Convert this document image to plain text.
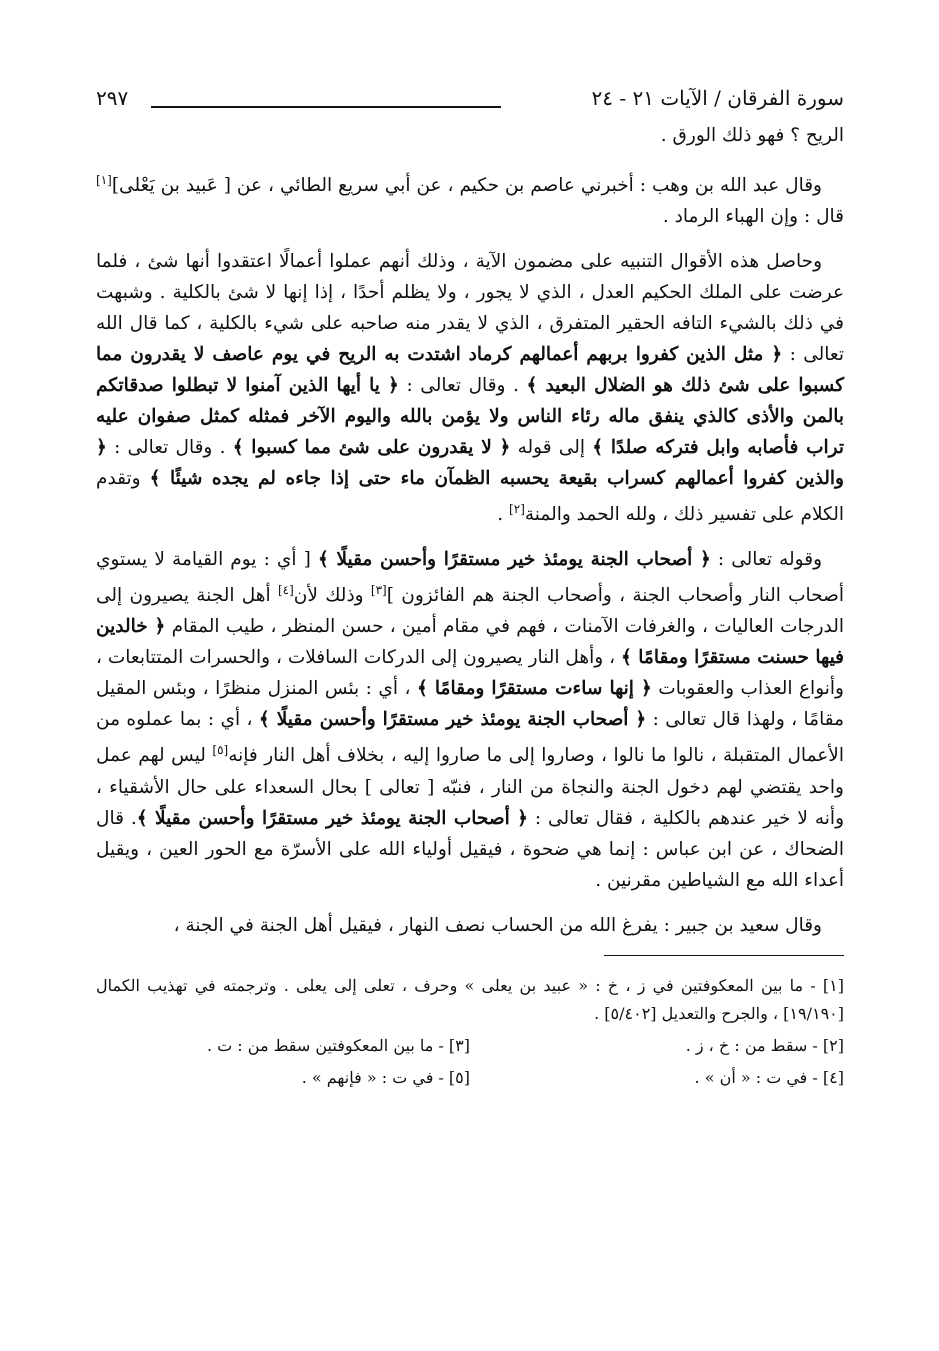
سورة الفرقان / الآيات ٢١ - ٢٤
٢٩٧

الريح ؟ فهو ذلك الورق .

وقال عبد الله بن وهب : أخبرني عاصم بن حكيم ، عن أبي سريع الطائي ، عن [ عَبيد بن يَعْلى][١] قال : وإن الهباء الرماد .

وحاصل هذه الأقوال التنبيه على مضمون الآية ، وذلك أنهم عملوا أعمالًا اعتقدوا أنها شئ ، فلما عرضت على الملك الحكيم العدل ، الذي لا يجور ، ولا يظلم أحدًا ، إذا إنها لا شئ بالكلية . وشبهت في ذلك بالشيء التافه الحقير المتفرق ، الذي لا يقدر منه صاحبه على شيء بالكلية ، كما قال الله تعالى : ﴿ مثل الذين كفروا بربهم أعمالهم كرماد اشتدت به الريح في يوم عاصف لا يقدرون مما كسبوا على شئ ذلك هو الضلال البعيد ﴾ . وقال تعالى : ﴿ يا أيها الذين آمنوا لا تبطلوا صدقاتكم بالمن والأذى كالذي ينفق ماله رئاء الناس ولا يؤمن بالله واليوم الآخر فمثله كمثل صفوان عليه تراب فأصابه وابل فتركه صلدًا ﴾ إلى قوله ﴿ لا يقدرون على شئ مما كسبوا ﴾ . وقال تعالى : ﴿ والذين كفروا أعمالهم كسراب بقيعة يحسبه الظمآن ماء حتى إذا جاءه لم يجده شيئًا ﴾ وتقدم الكلام على تفسير ذلك ، ولله الحمد والمنة[٢] .

وقوله تعالى : ﴿ أصحاب الجنة يومئذ خير مستقرًا وأحسن مقيلًا ﴾ [ أي : يوم القيامة لا يستوي أصحاب النار وأصحاب الجنة ، وأصحاب الجنة هم الفائزون ][٣] وذلك لأن[٤] أهل الجنة يصيرون إلى الدرجات العاليات ، والغرفات الآمنات ، فهم في مقام أمين ، حسن المنظر ، طيب المقام ﴿ خالدين فيها حسنت مستقرًا ومقامًا ﴾ ، وأهل النار يصيرون إلى الدركات السافلات ، والحسرات المتتابعات ، وأنواع العذاب والعقوبات ﴿ إنها ساءت مستقرًا ومقامًا ﴾ ، أي : بئس المنزل منظرًا ، وبئس المقيل مقامًا ، ولهذا قال تعالى : ﴿ أصحاب الجنة يومئذ خير مستقرًا وأحسن مقيلًا ﴾ ، أي : بما عملوه من الأعمال المتقبلة ، نالوا ما نالوا ، وصاروا إلى ما صاروا إليه ، بخلاف أهل النار فإنه[٥] ليس لهم عمل واحد يقتضي لهم دخول الجنة والنجاة من النار ، فنبّه [ تعالى ] بحال السعداء على حال الأشقياء ، وأنه لا خير عندهم بالكلية ، فقال تعالى : ﴿ أصحاب الجنة يومئذ خير مستقرًا وأحسن مقيلًا ﴾. قال الضحاك ، عن ابن عباس : إنما هي ضحوة ، فيقيل أولياء الله على الأسرّة مع الحور العين ، ويقيل أعداء الله مع الشياطين مقرنين .

وقال سعيد بن جبير : يفرغ الله من الحساب نصف النهار ، فيقيل أهل الجنة في الجنة ،

[١] - ما بين المعكوفتين في ز ، خ : « عبيد بن يعلى » وحرف ، تعلى إلى يعلى . وترجمته في تهذيب الكمال [١٩/١٩٠] ، والجرح والتعديل [٥/٤٠٢] .

[٢] - سقط من : خ ، ز .

[٣] - ما بين المعكوفتين سقط من : ت .

[٤] - في ت : « أن » .

[٥] - في ت : « فإنهم » .
